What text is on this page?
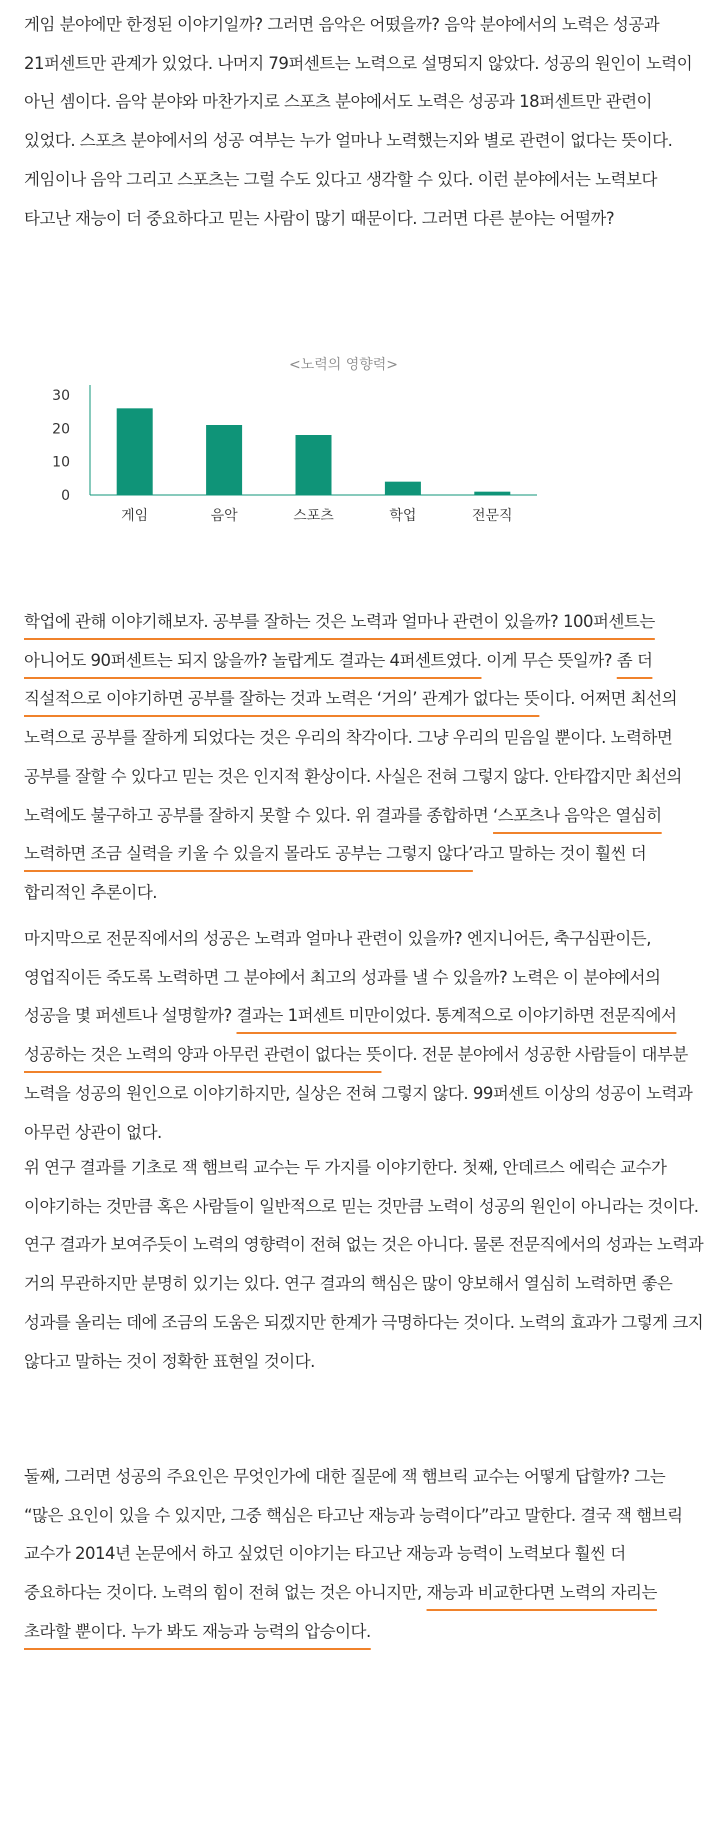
게임 분야에만 한정된 이야기일까? 그러면 음악은 어떴을까? 음악 분야에서의 노력은 성공과 21퍼센트만 관계가 있었다. 나머지 79퍼센트는 노력으로 설명되지 않았다. 성공의 원인이 노력이 아닌 셈이다. 음악 분야와 마찬가지로 스포츠 분야에서도 노력은 성공과 18퍼센트만 관련이 있었다. 스포츠 분야에서의 성공 여부는 누가 얼마나 노력했는지와 별로 관련이 없다는 뜻이다. 게임이나 음악 그리고 스포츠는 그럴 수도 있다고 생각할 수 있다. 이런 분야에서는 노력보다 타고난 재능이 더 중요하다고 믿는 사람이 많기 때문이다. 그러면 다른 분야는 어떨까?

<노력의 영향력>
0
10
20
30
게임	음악	스포츠	학업	전문직

학업에 관해 이야기해보자. 공부를 잘하는 것은 노력과 얼마나 관련이 있을까? 100퍼센트는 아니어도 90퍼센트는 되지 않을까? 놀랍게도 결과는 4퍼센트였다. 이게 무슨 뜻일까? 좀 더 직설적으로 이야기하면 공부를 잘하는 것과 노력은 ‘거의’ 관계가 없다는 뜻이다. 어쩌면 최선의 노력으로 공부를 잘하게 되었다는 것은 우리의 착각이다. 그냥 우리의 믿음일 뿐이다. 노력하면 공부를 잘할 수 있다고 믿는 것은 인지적 환상이다. 사실은 전혀 그렇지 않다. 안타깝지만 최선의 노력에도 불구하고 공부를 잘하지 못할 수 있다. 위 결과를 종합하면 ‘스포츠나 음악은 열심히 노력하면 조금 실력을 키울 수 있을지 몰라도 공부는 그렇지 않다’라고 말하는 것이 훨씬 더 합리적인 추론이다.

마지막으로 전문직에서의 성공은 노력과 얼마나 관련이 있을까? 엔지니어든, 축구심판이든, 영업직이든 죽도록 노력하면 그 분야에서 최고의 성과를 낼 수 있을까? 노력은 이 분야에서의 성공을 몇 퍼센트나 설명할까? 결과는 1퍼센트 미만이었다. 통계적으로 이야기하면 전문직에서 성공하는 것은 노력의 양과 아무런 관련이 없다는 뜻이다. 전문 분야에서 성공한 사람들이 대부분 노력을 성공의 원인으로 이야기하지만, 실상은 전혀 그렇지 않다. 99퍼센트 이상의 성공이 노력과 아무런 상관이 없다.

위 연구 결과를 기초로 잭 햄브릭 교수는 두 가지를 이야기한다. 첫째, 안데르스 에릭슨 교수가 이야기하는 것만큼 혹은 사람들이 일반적으로 믿는 것만큼 노력이 성공의 원인이 아니라는 것이다. 연구 결과가 보여주듯이 노력의 영향력이 전혀 없는 것은 아니다. 물론 전문직에서의 성과는 노력과 거의 무관하지만 분명히 있기는 있다. 연구 결과의 핵심은 많이 양보해서 열심히 노력하면 좋은 성과를 올리는 데에 조금의 도움은 되겠지만 한계가 극명하다는 것이다. 노력의 효과가 그렇게 크지 않다고 말하는 것이 정확한 표현일 것이다.

둘째, 그러면 성공의 주요인은 무엇인가에 대한 질문에 잭 햄브릭 교수는 어떻게 답할까? 그는 “많은 요인이 있을 수 있지만, 그중 핵심은 타고난 재능과 능력이다”라고 말한다. 결국 잭 햄브릭 교수가 2014년 논문에서 하고 싶었던 이야기는 타고난 재능과 능력이 노력보다 훨씬 더 중요하다는 것이다. 노력의 힘이 전혀 없는 것은 아니지만, 재능과 비교한다면 노력의 자리는 초라할 뿐이다. 누가 봐도 재능과 능력의 압승이다.
